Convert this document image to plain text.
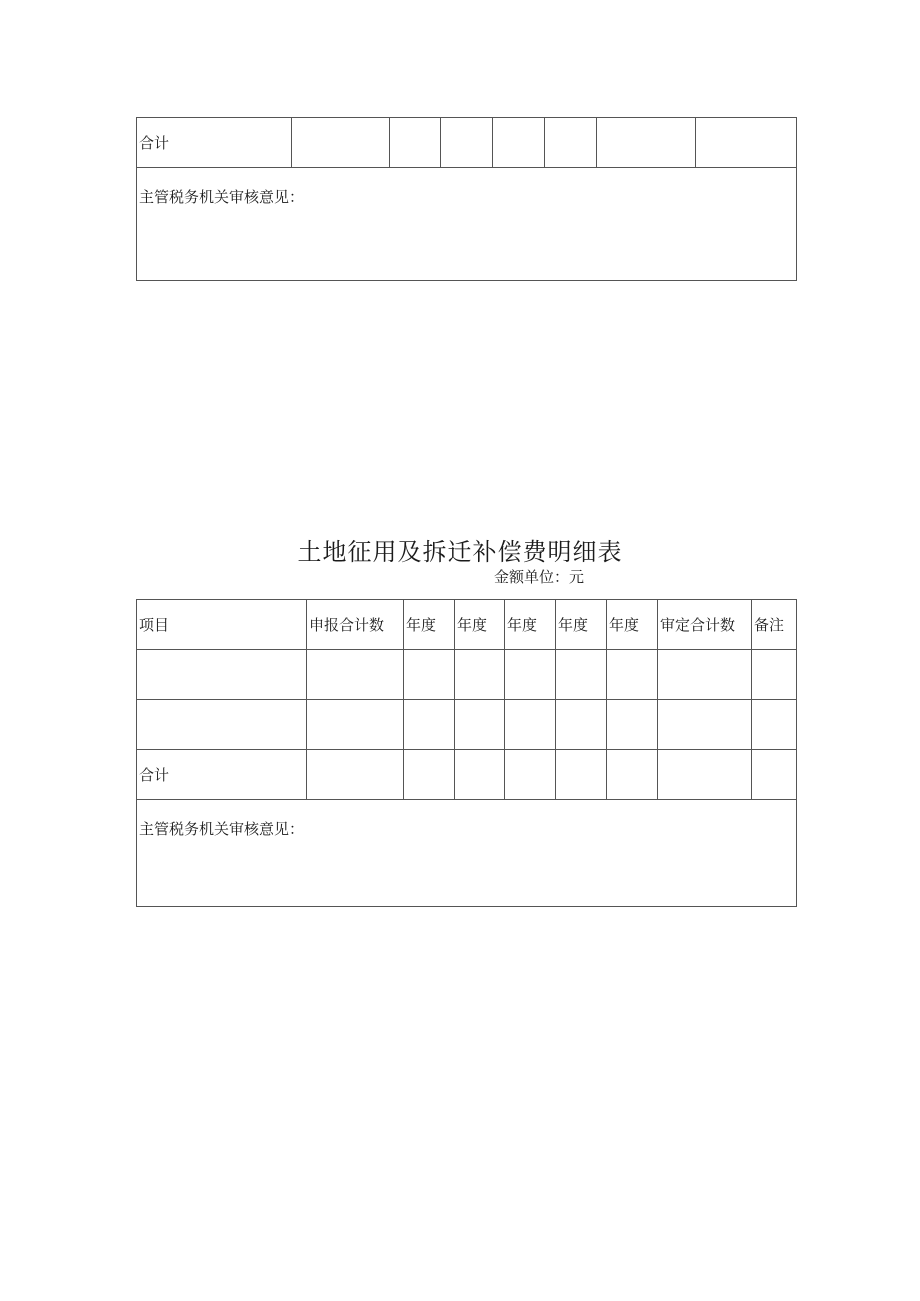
合计							
主管税务机关审核意见：
土地征用及拆迁补偿费明细表
金额单位：元
项目	申报合计数	年度	年度	年度	年度	年度	审定合计数	备注

合计								
主管税务机关审核意见：								
